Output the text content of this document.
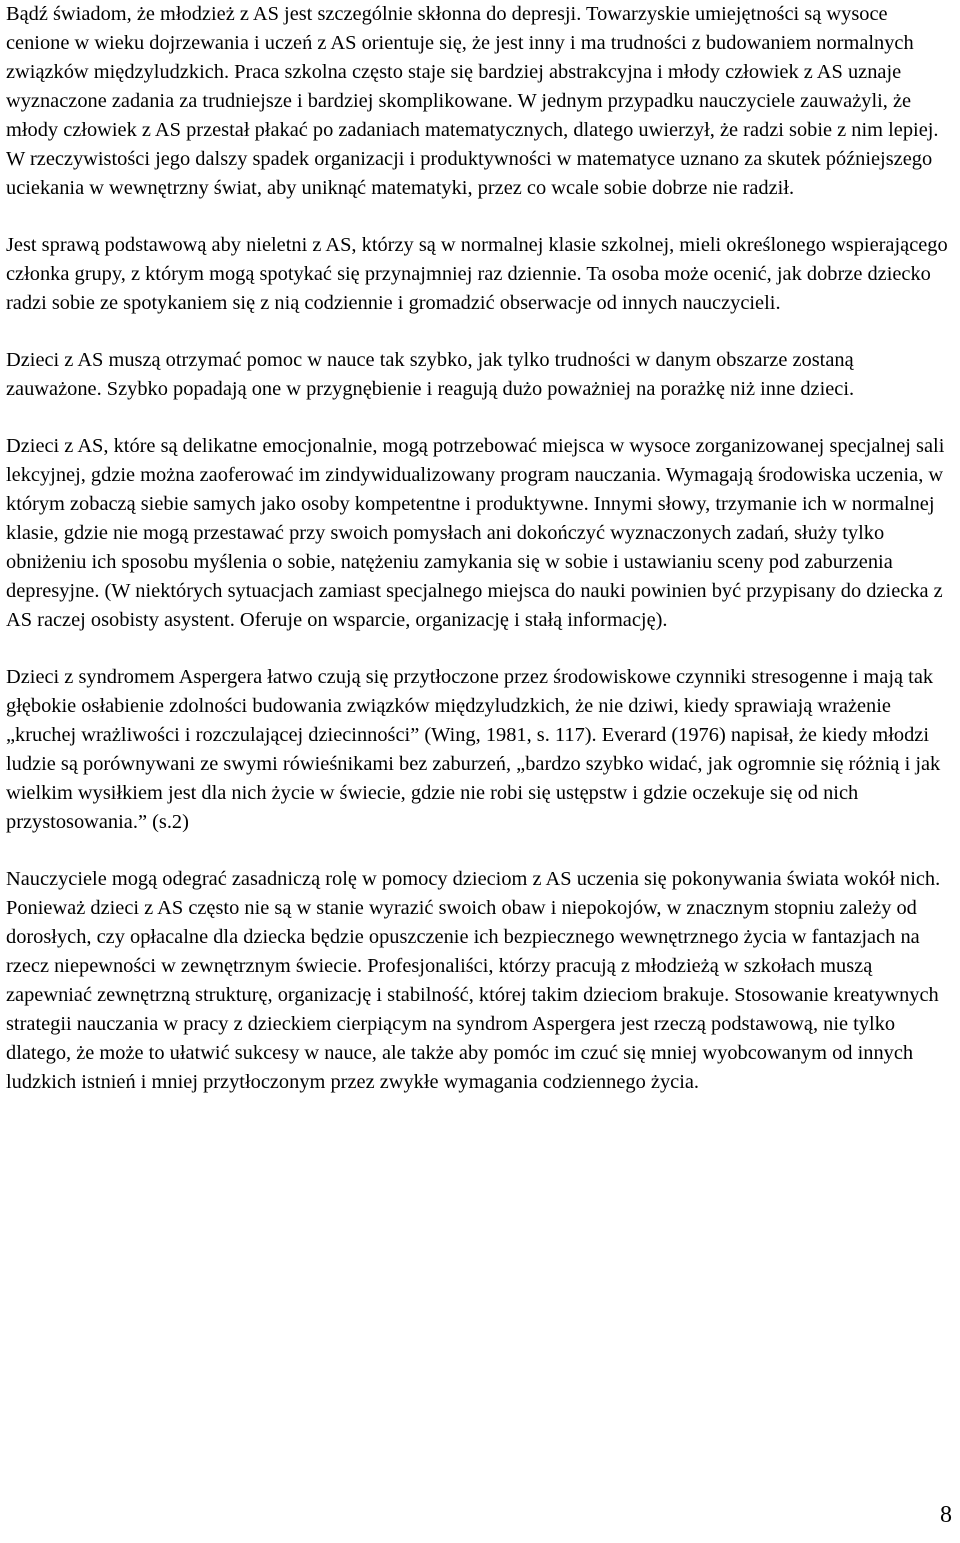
Bądź świadom, że młodzież z AS jest szczególnie skłonna do depresji. Towarzyskie umiejętności są wysoce cenione w wieku dojrzewania i uczeń z AS orientuje się, że jest inny i ma trudności z budowaniem normalnych związków międzyludzkich. Praca szkolna często staje się bardziej abstrakcyjna i młody człowiek z AS uznaje wyznaczone zadania za trudniejsze i bardziej skomplikowane. W jednym przypadku nauczyciele zauważyli, że młody człowiek z AS przestał płakać po zadaniach matematycznych, dlatego uwierzył, że radzi sobie z nim lepiej. W rzeczywistości jego dalszy spadek organizacji i produktywności w matematyce uznano za skutek późniejszego uciekania w wewnętrzny świat, aby uniknąć matematyki, przez co wcale sobie dobrze nie radził.
Jest sprawą podstawową aby nieletni z AS, którzy są w normalnej klasie szkolnej, mieli określonego wspierającego członka grupy, z którym mogą spotykać się przynajmniej raz dziennie. Ta osoba może ocenić, jak dobrze dziecko radzi sobie ze spotykaniem się z nią codziennie i gromadzić obserwacje od innych nauczycieli.
Dzieci z AS muszą otrzymać pomoc w nauce tak szybko, jak tylko trudności w danym obszarze zostaną zauważone. Szybko popadają one w przygnębienie i reagują dużo poważniej na porażkę niż inne dzieci.
Dzieci z AS, które są delikatne emocjonalnie, mogą potrzebować miejsca w wysoce zorganizowanej specjalnej sali lekcyjnej, gdzie można zaoferować im zindywidualizowany program nauczania. Wymagają środowiska uczenia, w którym zobaczą siebie samych jako osoby kompetentne i produktywne. Innymi słowy, trzymanie ich w normalnej klasie, gdzie nie mogą przestawać przy swoich pomysłach ani dokończyć wyznaczonych zadań, służy tylko obniżeniu ich sposobu myślenia o sobie, natężeniu zamykania się w sobie i ustawianiu sceny pod zaburzenia depresyjne. (W niektórych sytuacjach zamiast specjalnego miejsca do nauki powinien być przypisany do dziecka z AS raczej osobisty asystent. Oferuje on wsparcie, organizację i stałą informację).
Dzieci z syndromem Aspergera łatwo czują się przytłoczone przez środowiskowe czynniki stresogenne i mają tak głębokie osłabienie zdolności budowania związków międzyludzkich, że nie dziwi, kiedy sprawiają wrażenie „kruchej wrażliwości i rozczulającej dziecinności” (Wing, 1981, s. 117). Everard (1976) napisał, że kiedy młodzi ludzie są porównywani ze swymi rówieśnikami bez zaburzeń, „bardzo szybko widać, jak ogromnie się różnią i jak wielkim wysiłkiem jest dla nich życie w świecie, gdzie nie robi się ustępstw i gdzie oczekuje się od nich przystosowania.” (s.2)
Nauczyciele mogą odegrać zasadniczą rolę w pomocy dzieciom z AS uczenia się pokonywania świata wokół nich. Ponieważ dzieci z AS często nie są w stanie wyrazić swoich obaw i niepokojów, w znacznym stopniu zależy od dorosłych, czy opłacalne dla dziecka będzie opuszczenie ich bezpiecznego wewnętrznego życia w fantazjach na rzecz niepewności w zewnętrznym świecie. Profesjonaliści, którzy pracują z młodzieżą w szkołach muszą zapewniać zewnętrzną strukturę, organizację i stabilność, której takim dzieciom brakuje. Stosowanie kreatywnych strategii nauczania w pracy z dzieckiem cierpiącym na syndrom Aspergera jest rzeczą podstawową, nie tylko dlatego, że może to ułatwić sukcesy w nauce, ale także aby pomóc im czuć się mniej wyobcowanym od innych ludzkich istnień i mniej przytłoczonym przez zwykłe wymagania codziennego życia.
8
